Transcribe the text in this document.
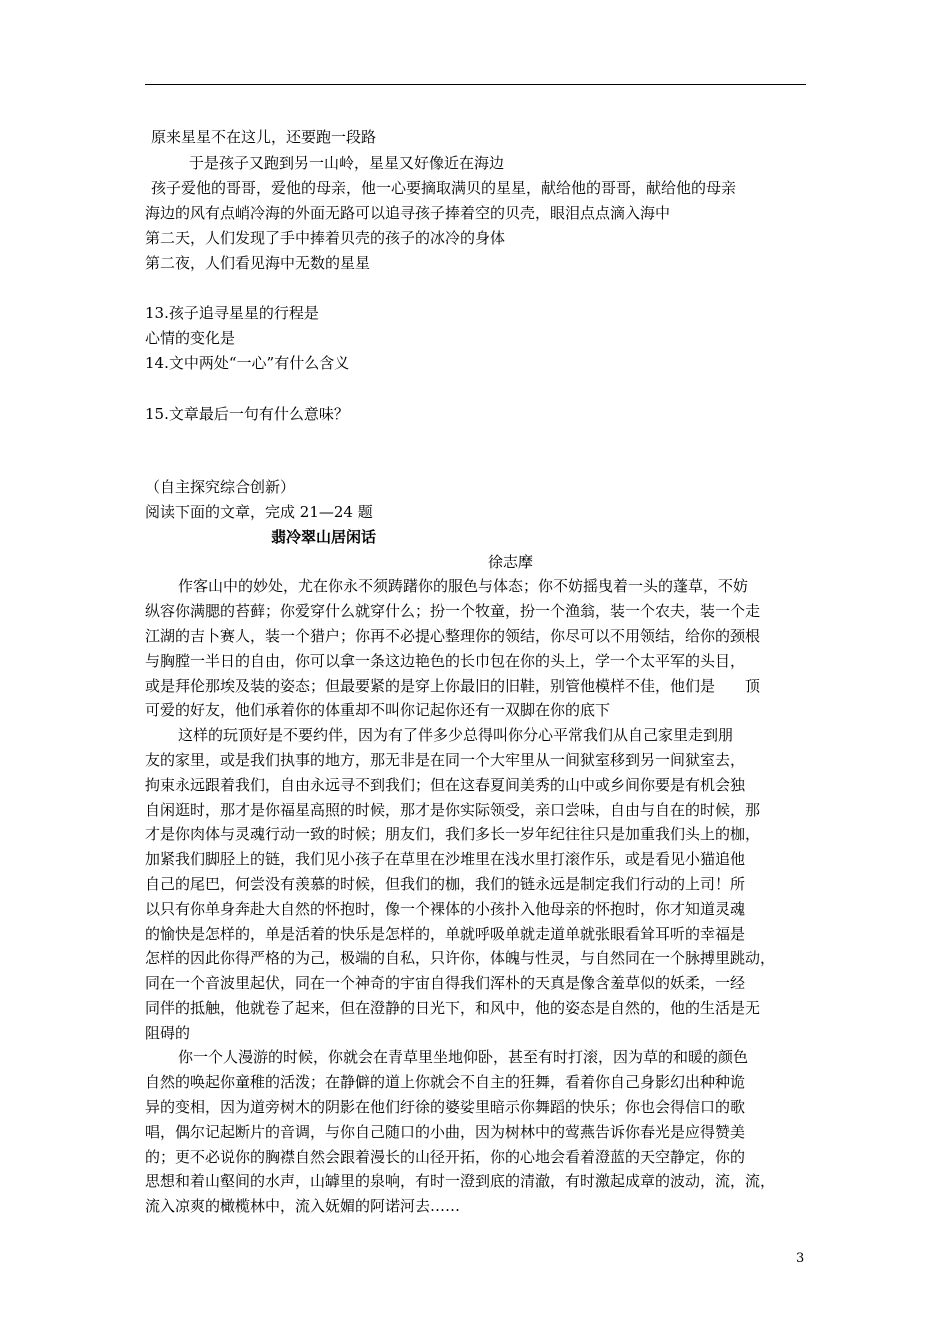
原来星星不在这儿，还要跑一段路
于是孩子又跑到另一山岭，星星又好像近在海边
孩子爱他的哥哥，爱他的母亲，他一心要摘取满贝的星星，献给他的哥哥，献给他的母亲
海边的风有点峭冷海的外面无路可以追寻孩子捧着空的贝壳，眼泪点点滴入海中
第二天，人们发现了手中捧着贝壳的孩子的冰冷的身体
第二夜，人们看见海中无数的星星
13.孩子追寻星星的行程是
心情的变化是
14.文中两处“一心”有什么含义
15.文章最后一句有什么意味？
（自主探究综合创新）
阅读下面的文章，完成 21—24 题
翡冷翠山居闲话
徐志摩
作客山中的妙处，尤在你永不须踌躇你的服色与体态；你不妨摇曳着一头的蓬草，不妨
纵容你满腮的苔藓；你爱穿什么就穿什么；扮一个牧童，扮一个渔翁，装一个农夫，装一个走
江湖的吉卜赛人，装一个猎户；你再不必提心整理你的领结，你尽可以不用领结，给你的颈根
与胸膛一半日的自由，你可以拿一条这边艳色的长巾包在你的头上，学一个太平军的头目，
或是拜伦那埃及装的姿态；但最要紧的是穿上你最旧的旧鞋，别管他模样不佳，他们是　　顶
可爱的好友，他们承着你的体重却不叫你记起你还有一双脚在你的底下
这样的玩顶好是不要约伴，因为有了伴多少总得叫你分心平常我们从自己家里走到朋
友的家里，或是我们执事的地方，那无非是在同一个大牢里从一间狱室移到另一间狱室去，
拘束永远跟着我们，自由永远寻不到我们；但在这春夏间美秀的山中或乡间你要是有机会独
自闲逛时，那才是你福星高照的时候，那才是你实际领受，亲口尝味，自由与自在的时候，那
才是你肉体与灵魂行动一致的时候；朋友们，我们多长一岁年纪往往只是加重我们头上的枷，
加紧我们脚胫上的链，我们见小孩子在草里在沙堆里在浅水里打滚作乐，或是看见小猫追他
自己的尾巴，何尝没有羡慕的时候，但我们的枷，我们的链永远是制定我们行动的上司！所
以只有你单身奔赴大自然的怀抱时，像一个裸体的小孩扑入他母亲的怀抱时，你才知道灵魂
的愉快是怎样的，单是活着的快乐是怎样的，单就呼吸单就走道单就张眼看耸耳听的幸福是
怎样的因此你得严格的为己，极端的自私，只许你，体魄与性灵，与自然同在一个脉搏里跳动，
同在一个音波里起伏，同在一个神奇的宇宙自得我们浑朴的天真是像含羞草似的妖柔，一经
同伴的抵触，他就卷了起来，但在澄静的日光下，和风中，他的姿态是自然的，他的生活是无
阻碍的
你一个人漫游的时候，你就会在青草里坐地仰卧，甚至有时打滚，因为草的和暖的颜色
自然的唤起你童稚的活泼；在静僻的道上你就会不自主的狂舞，看着你自己身影幻出种种诡
异的变相，因为道旁树木的阴影在他们纡徐的婆娑里暗示你舞蹈的快乐；你也会得信口的歌
唱，偶尔记起断片的音调，与你自己随口的小曲，因为树林中的莺燕告诉你春光是应得赞美
的；更不必说你的胸襟自然会跟着漫长的山径开拓，你的心地会看着澄蓝的天空静定，你的
思想和着山壑间的水声，山罅里的泉响，有时一澄到底的清澈，有时激起成章的波动，流，流，
流入凉爽的橄榄林中，流入妩媚的阿诺河去……
3
